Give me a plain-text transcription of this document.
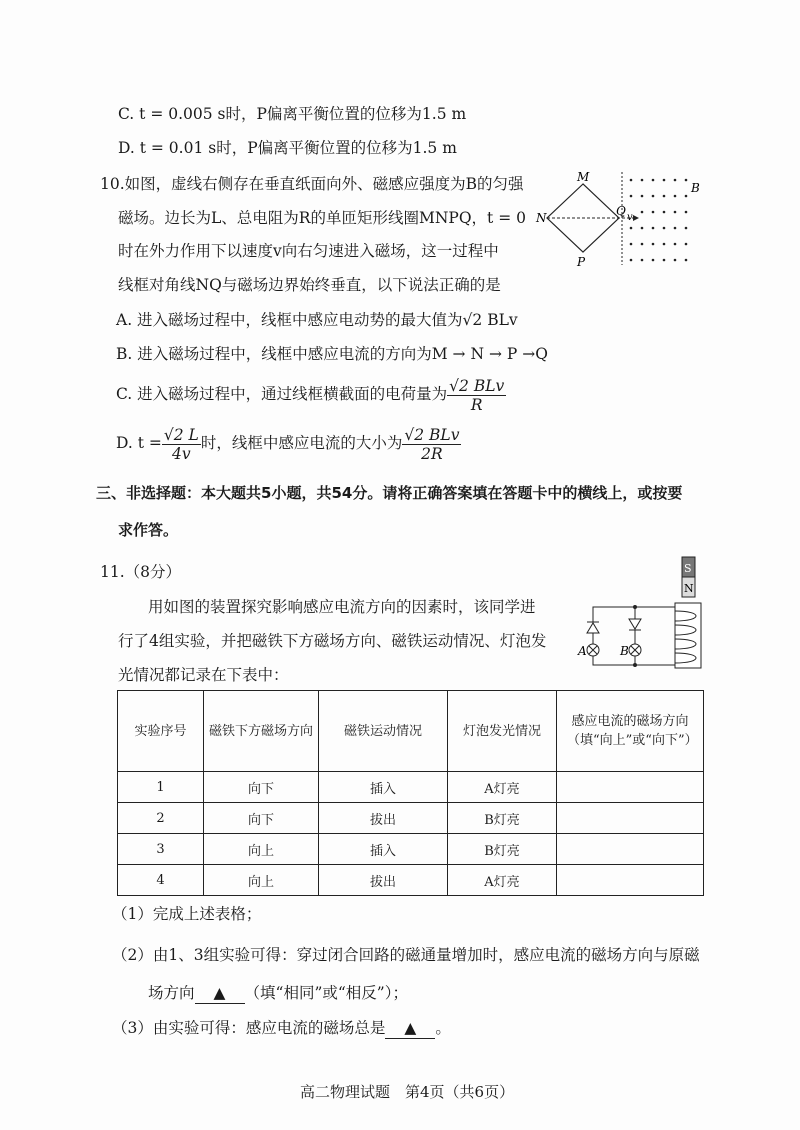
C. t = 0.005 s时，P偏离平衡位置的位移为1.5 m
D. t = 0.01 s时，P偏离平衡位置的位移为1.5 m
10.如图，虚线右侧存在垂直纸面向外、磁感应强度为B的匀强
磁场。边长为L、总电阻为R的单匝矩形线圈MNPQ，t = 0
时在外力作用下以速度v向右匀速进入磁场，这一过程中
线框对角线NQ与磁场边界始终垂直，以下说法正确的是
M
N
P
Q v
B
A. 进入磁场过程中，线框中感应电动势的最大值为√2 BLv
B. 进入磁场过程中，线框中感应电流的方向为M → N → P →Q
C. 进入磁场过程中，通过线框横截面的电荷量为 $\frac{\text{√2 BLv}}{R}$
D. $t = \frac{√2 L}{4v}$ 时，线框中感应电流的大小为 $\frac{\text{√2 BLv}}{2R}$
三、非选择题：本大题共5小题，共54分。请将正确答案填在答题卡中的横线上，或按要
求作答。
11.（8分）
用如图的装置探究影响感应电流方向的因素时，该同学进
行了4组实验，并把磁铁下方磁场方向、磁铁运动情况、灯泡发
光情况都记录在下表中：
S
N
A	B
实验序号	磁铁下方磁场方向	磁铁运动情况	灯泡发光情况	感应电流的磁场方向（填“向上”或“向下”）
1	向下	插入	A灯亮	
2	向下	拔出	B灯亮	
3	向上	插入	B灯亮	
4	向上	拔出	A灯亮	
（1）完成上述表格；
（2）由1、3组实验可得：穿过闭合回路的磁通量增加时，感应电流的磁场方向与原磁
场方向 ▲ （填“相同”或“相反”）；
（3）由实验可得：感应电流的磁场总是 ▲ 。
高二物理试题　第4页（共6页）
